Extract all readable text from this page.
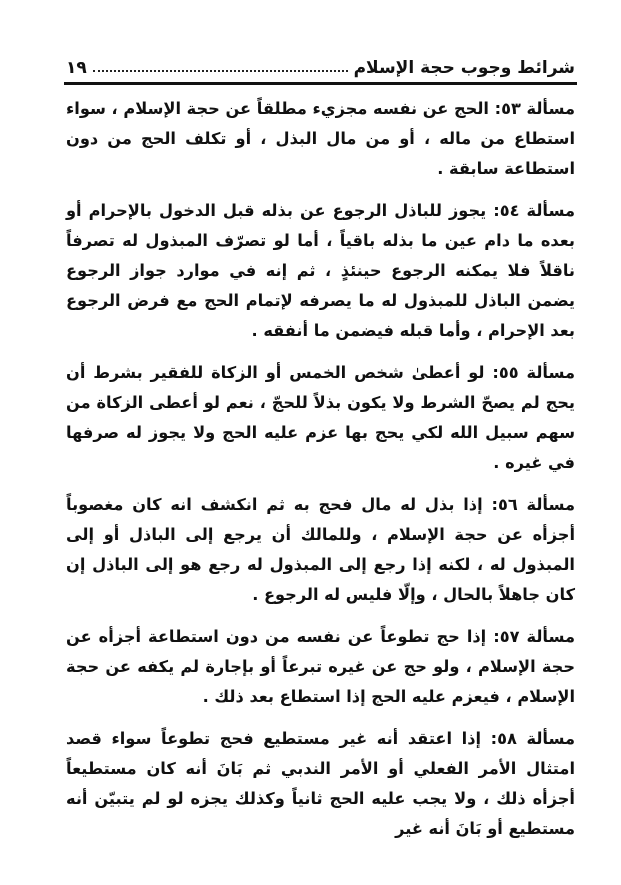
شرائط وجوب حجة الإسلام
١٩

مسألة ٥٣: الحج عن نفسه مجزيء مطلقاً عن حجة الإسلام ، سواء استطاع من ماله ، أو من مال البذل ، أو تكلف الحج من دون استطاعة سابقة .

مسألة ٥٤: يجوز للباذل الرجوع عن بذله قبل الدخول بالإحرام أو بعده ما دام عين ما بذله باقياً ، أما لو تصرّف المبذول له تصرفاً ناقلاً فلا يمكنه الرجوع حينئذٍ ، ثم إنه في موارد جواز الرجوع يضمن الباذل للمبذول له ما يصرفه لإتمام الحج مع فرض الرجوع بعد الإحرام ، وأما قبله فيضمن ما أنفقه .

مسألة ٥٥: لو أعطىٰ شخص الخمس أو الزكاة للفقير بشرط أن يحج لم يصحّ الشرط ولا يكون بذلاً للحجّ ، نعم لو أعطى الزكاة من سهم سبيل الله لكي يحج بها عزم عليه الحج ولا يجوز له صرفها في غيره .

مسألة ٥٦: إذا بذل له مال فحج به ثم انكشف انه كان مغصوباً أجزأه عن حجة الإسلام ، وللمالك أن يرجع إلى الباذل أو إلى المبذول له ، لكنه إذا رجع إلى المبذول له رجع هو إلى الباذل إن كان جاهلاً بالحال ، وإلّا فليس له الرجوع .

مسألة ٥٧: إذا حج تطوعاً عن نفسه من دون استطاعة أجزأه عن حجة الإسلام ، ولو حج عن غيره تبرعاً أو بإجارة لم يكفه عن حجة الإسلام ، فيعزم عليه الحج إذا استطاع بعد ذلك .

مسألة ٥٨: إذا اعتقد أنه غير مستطيع فحج تطوعاً سواء قصد امتثال الأمر الفعلي أو الأمر الندبي ثم بَانَ أنه كان مستطيعاً أجزأه ذلك ، ولا يجب عليه الحج ثانياً وكذلك يجزه لو لم يتبيّن أنه مستطيع أو بَانَ أنه غير
